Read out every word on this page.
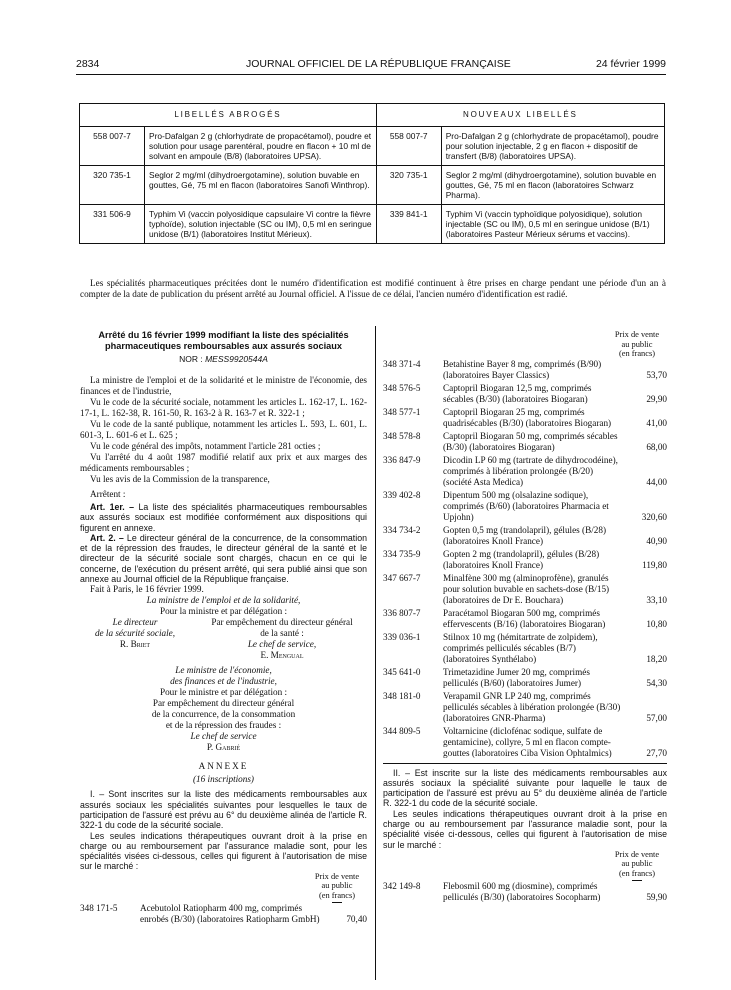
2834	JOURNAL OFFICIEL DE LA RÉPUBLIQUE FRANÇAISE	24 février 1999
LIBELLÉS ABROGÉS		NOUVEAUX LIBELLÉS	
558 007-7	Pro-Dafalgan 2 g (chlorhydrate de propacétamol), poudre et solution pour usage parentéral, poudre en flacon + 10 ml de solvant en ampoule (B/8) (laboratoires UPSA).	558 007-7	Pro-Dafalgan 2 g (chlorhydrate de propacétamol), poudre pour solution injectable, 2 g en flacon + dispositif de transfert (B/8) (laboratoires UPSA).
320 735-1	Seglor 2 mg/ml (dihydroergotamine), solution buvable en gouttes, Gé, 75 ml en flacon (laboratoires Sanofi Winthrop).	320 735-1	Seglor 2 mg/ml (dihydroergotamine), solution buvable en gouttes, Gé, 75 ml en flacon (laboratoires Schwarz Pharma).
331 506-9	Typhim Vi (vaccin polyosidique capsulaire Vi contre la fièvre typhoïde), solution injectable (SC ou IM), 0,5 ml en seringue unidose (B/1) (laboratoires Institut Mérieux).	339 841-1	Typhim Vi (vaccin typhoïdique polyosidique), solution injectable (SC ou IM), 0,5 ml en seringue unidose (B/1) (laboratoires Pasteur Mérieux sérums et vaccins).

Les spécialités pharmaceutiques précitées dont le numéro d'identification est modifié continuent à être prises en charge pendant une période d'un an à compter de la date de publication du présent arrêté au Journal officiel. A l'issue de ce délai, l'ancien numéro d'identification est radié.

Arrêté du 16 février 1999 modifiant la liste des spécialités pharmaceutiques remboursables aux assurés sociaux
NOR : MESS9920544A

La ministre de l'emploi et de la solidarité et le ministre de l'économie, des finances et de l'industrie,

Vu le code de la sécurité sociale, notamment les articles L. 162-17, L. 162-17-1, L. 162-38, R. 161-50, R. 163-2 à R. 163-7 et R. 322-1 ;

Vu le code de la santé publique, notamment les articles L. 593, L. 601, L. 601-3, L. 601-6 et L. 625 ;

Vu le code général des impôts, notamment l'article 281 octies ;

Vu l'arrêté du 4 août 1987 modifié relatif aux prix et aux marges des médicaments remboursables ;

Vu les avis de la Commission de la transparence,

Arrêtent :

Art. 1er. – La liste des spécialités pharmaceutiques remboursables aux assurés sociaux est modifiée conformément aux dispositions qui figurent en annexe.

Art. 2. – Le directeur général de la concurrence, de la consommation et de la répression des fraudes, le directeur général de la santé et le directeur de la sécurité sociale sont chargés, chacun en ce qui le concerne, de l'exécution du présent arrêté, qui sera publié ainsi que son annexe au Journal officiel de la République française.

Fait à Paris, le 16 février 1999.

La ministre de l'emploi et de la solidarité,

Pour la ministre et par délégation :

Le directeur
de la sécurité sociale,
R. Briet
Par empêchement du directeur général
de la santé :
Le chef de service,
E. Mengual

Le ministre de l'économie,

des finances et de l'industrie,

Pour le ministre et par délégation :

Par empêchement du directeur général

de la concurrence, de la consommation

et de la répression des fraudes :

Le chef de service

P. Gabrié

ANNEXE

(16 inscriptions)

I. – Sont inscrites sur la liste des médicaments remboursables aux assurés sociaux les spécialités suivantes pour lesquelles le taux de participation de l'assuré est prévu au 6° du deuxième alinéa de l'article R. 322-1 du code de la sécurité sociale.

Les seules indications thérapeutiques ouvrant droit à la prise en charge ou au remboursement par l'assurance maladie sont, pour les spécialités visées ci-dessous, celles qui figurent à l'autorisation de mise sur le marché :

Prix de vente
au public
(en francs)
348 171-5	Acebutolol Ratiopharm 400 mg, comprimés enrobés (B/30) (laboratoires Ratiopharm GmbH)	70,40
Prix de vente
au public
(en francs)
348 371-4	Betahistine Bayer 8 mg, comprimés (B/90) (laboratoires Bayer Classics)	53,70
348 576-5	Captopril Biogaran 12,5 mg, comprimés sécables (B/30) (laboratoires Biogaran)	29,90
348 577-1	Captopril Biogaran 25 mg, comprimés quadrisécables (B/30) (laboratoires Biogaran)	41,00
348 578-8	Captopril Biogaran 50 mg, comprimés sécables (B/30) (laboratoires Biogaran)	68,00
336 847-9	Dicodin LP 60 mg (tartrate de dihydrocodéine), comprimés à libération prolongée (B/20) (société Asta Medica)	44,00
339 402-8	Dipentum 500 mg (olsalazine sodique), comprimés (B/60) (laboratoires Pharmacia et Upjohn)	320,60
334 734-2	Gopten 0,5 mg (trandolapril), gélules (B/28) (laboratoires Knoll France)	40,90
334 735-9	Gopten 2 mg (trandolapril), gélules (B/28) (laboratoires Knoll France)	119,80
347 667-7	Minalfène 300 mg (alminoprofène), granulés pour solution buvable en sachets-dose (B/15) (laboratoires de Dr E. Bouchara)	33,10
336 807-7	Paracétamol Biogaran 500 mg, comprimés effervescents (B/16) (laboratoires Biogaran)	10,80
339 036-1	Stilnox 10 mg (hémitartrate de zolpidem), comprimés pelliculés sécables (B/7) (laboratoires Synthélabo)	18,20
345 641-0	Trimetazidine Jumer 20 mg, comprimés pelliculés (B/60) (laboratoires Jumer)	54,30
348 181-0	Verapamil GNR LP 240 mg, comprimés pelliculés sécables à libération prolongée (B/30) (laboratoires GNR-Pharma)	57,00
344 809-5	Voltarnicine (diclofénac sodique, sulfate de gentamicine), collyre, 5 ml en flacon compte-gouttes (laboratoires Ciba Vision Ophtalmics)	27,70

II. – Est inscrite sur la liste des médicaments remboursables aux assurés sociaux la spécialité suivante pour laquelle le taux de participation de l'assuré est prévu au 5° du deuxième alinéa de l'article R. 322-1 du code de la sécurité sociale.

Les seules indications thérapeutiques ouvrant droit à la prise en charge ou au remboursement par l'assurance maladie sont, pour la spécialité visée ci-dessous, celles qui figurent à l'autorisation de mise sur le marché :

Prix de vente
au public
(en francs)
342 149-8	Flebosmil 600 mg (diosmine), comprimés pelliculés (B/30) (laboratoires Socopharm)	59,90
